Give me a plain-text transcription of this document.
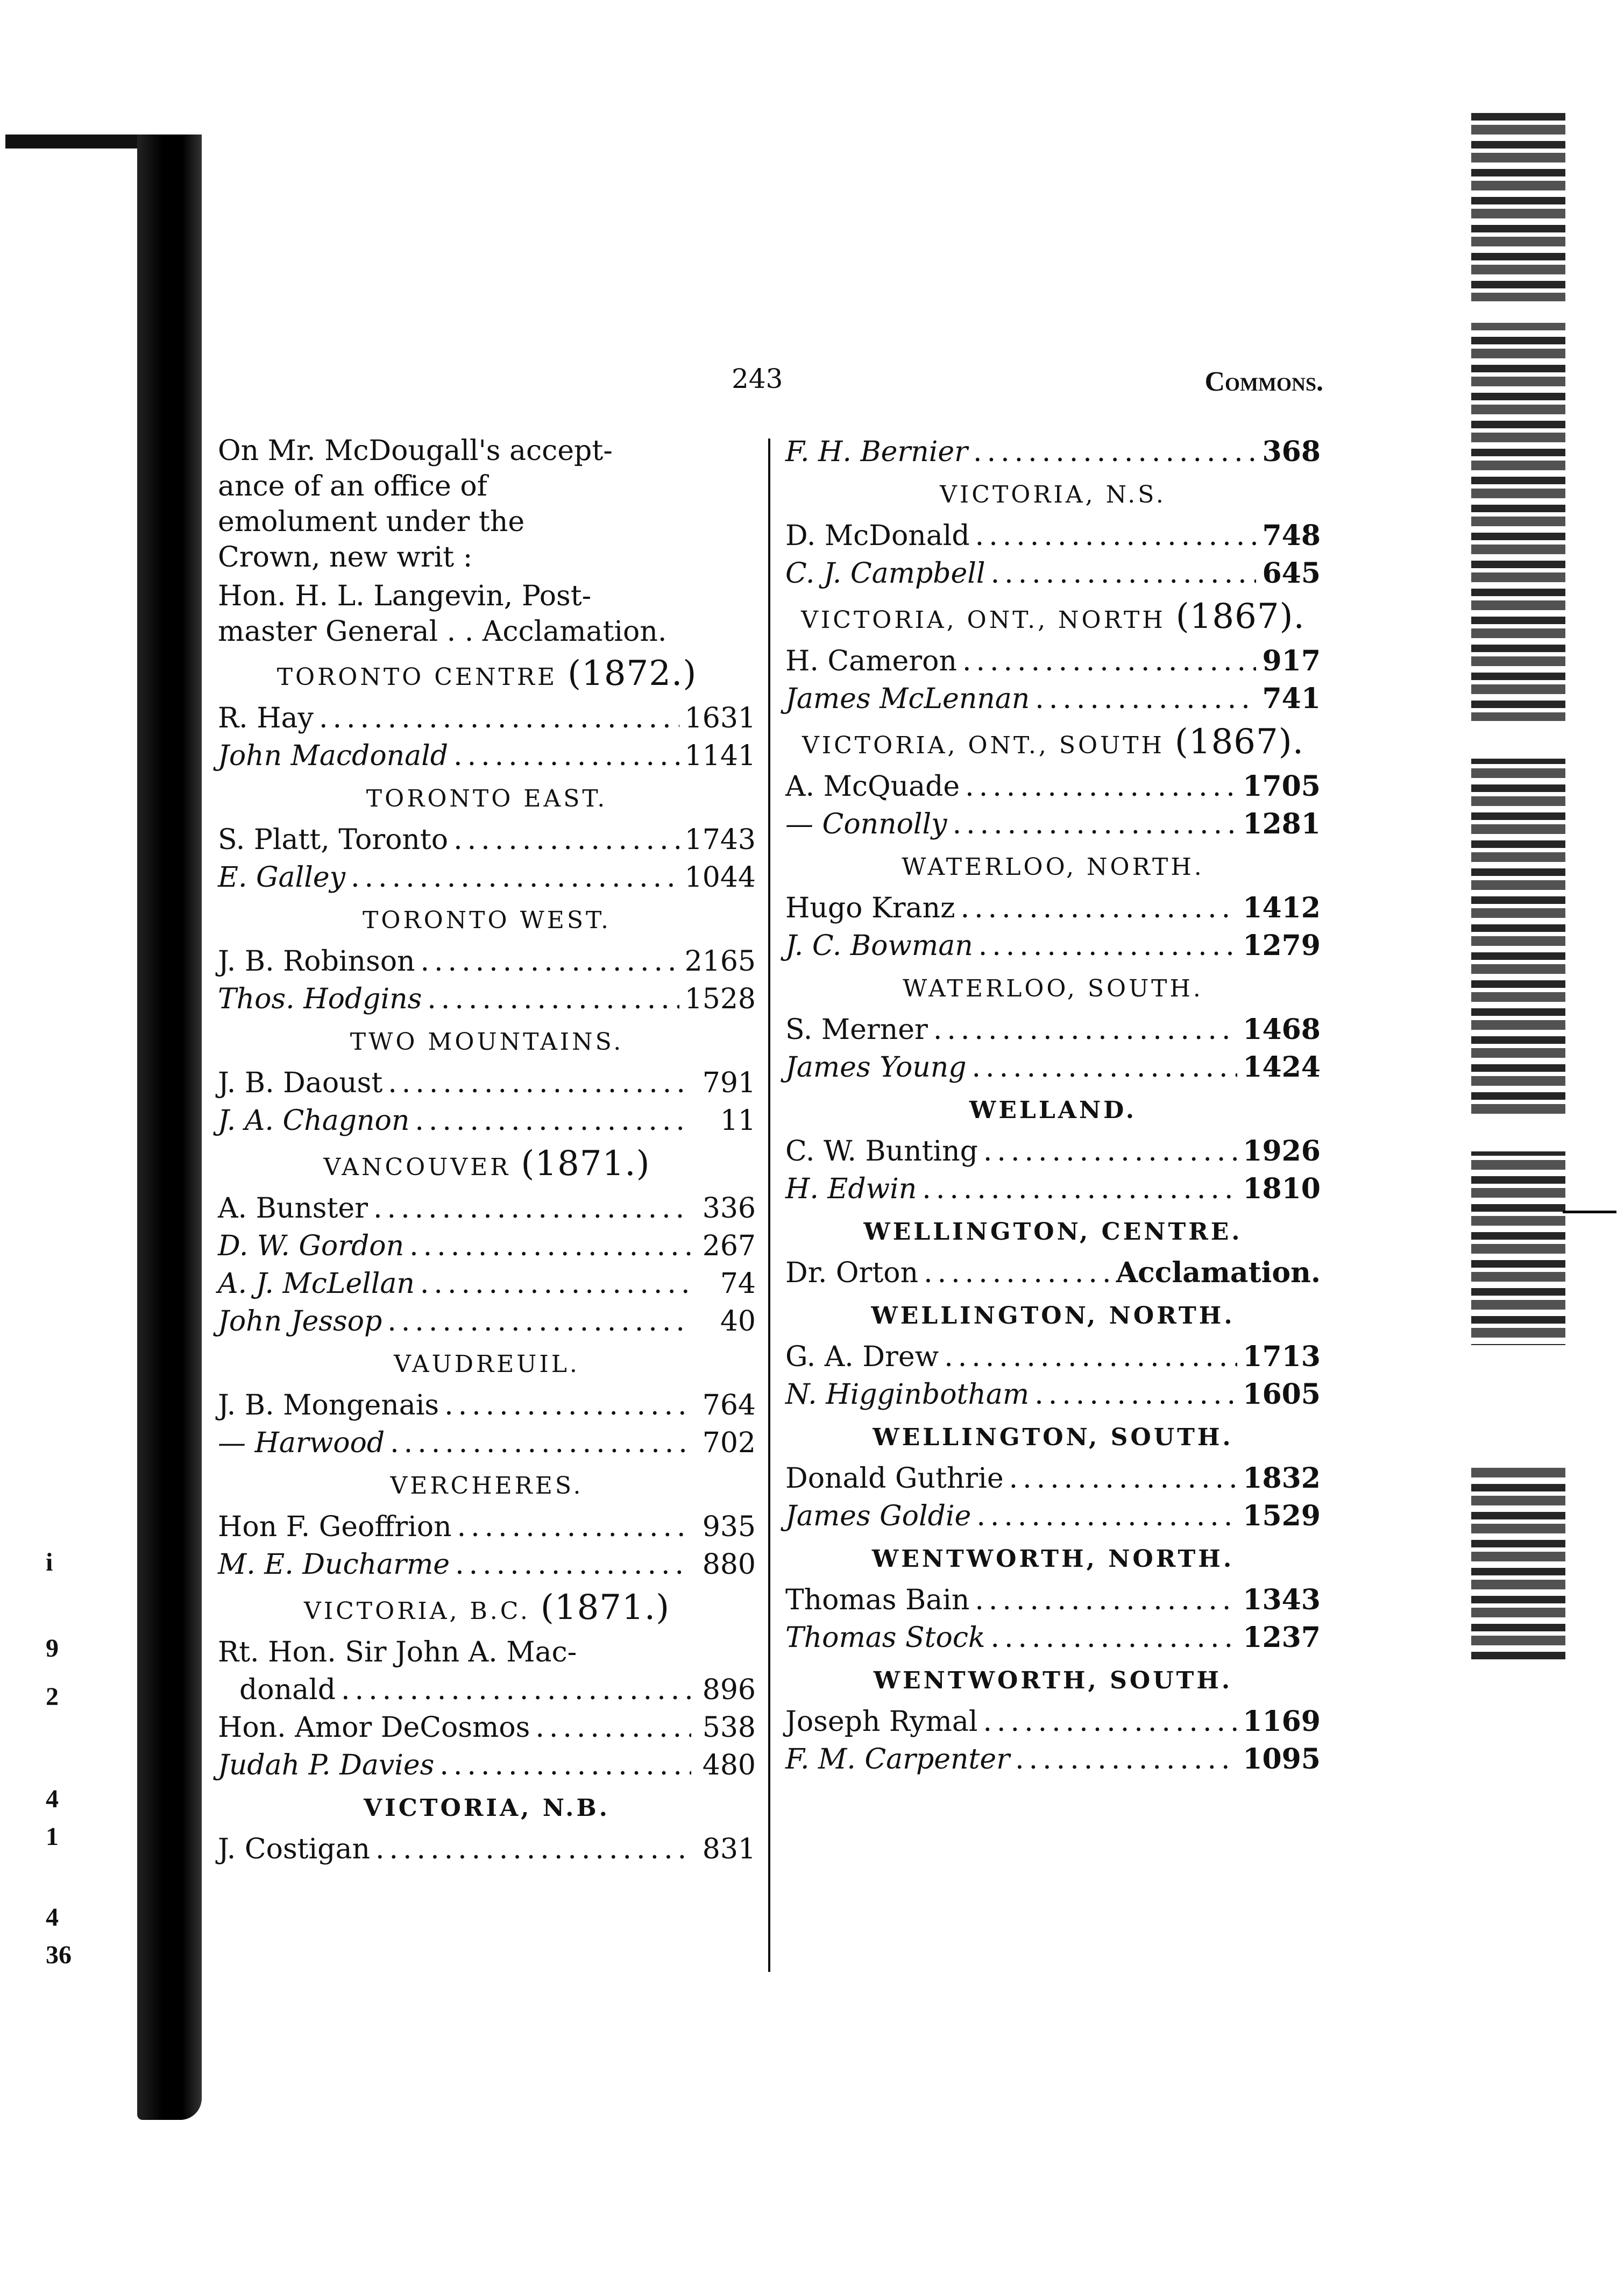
i
9
2
4
1
4
36
243	Commons.
On Mr. McDougall's accept-
ance of an office of
emolument under the
Crown, new writ :
Hon. H. L. Langevin, Post-
master General . . Acclamation.
TORONTO CENTRE (1872.)
R. Hay .....	1631
John Macdonald .....	1141
TORONTO EAST.
S. Platt, Toronto .....	1743
E. Galley .....	1044
TORONTO WEST.
J. B. Robinson .....	2165
Thos. Hodgins .....	1528
TWO MOUNTAINS.
J. B. Daoust .....	791
J. A. Chagnon .....	11
VANCOUVER (1871.)
A. Bunster .....	336
D. W. Gordon .....	267
A. J. McLellan .....	74
John Jessop .....	40
VAUDREUIL.
J. B. Mongenais .....	764
— Harwood .....	702
VERCHERES.
Hon F. Geoffrion .....	935
M. E. Ducharme .....	880
VICTORIA, B.C. (1871.)
Rt. Hon. Sir John A. Mac-
donald .....	896
Hon. Amor DeCosmos .....	538
Judah P. Davies .....	480
VICTORIA, N.B.
J. Costigan .....	831
F. H. Bernier .....	368
VICTORIA, N.S.
D. McDonald .....	748
C. J. Campbell .....	645
VICTORIA, ONT., NORTH (1867).
H. Cameron .....	917
James McLennan .....	741
VICTORIA, ONT., SOUTH (1867).
A. McQuade .....	1705
— Connolly .....	1281
WATERLOO, NORTH.
Hugo Kranz .....	1412
J. C. Bowman .....	1279
WATERLOO, SOUTH.
S. Merner .....	1468
James Young .....	1424
WELLAND.
C. W. Bunting .....	1926
H. Edwin .....	1810
WELLINGTON, CENTRE.
Dr. Orton .....	Acclamation.
WELLINGTON, NORTH.
G. A. Drew .....	1713
N. Higginbotham .....	1605
WELLINGTON, SOUTH.
Donald Guthrie .....	1832
James Goldie .....	1529
WENTWORTH, NORTH.
Thomas Bain .....	1343
Thomas Stock .....	1237
WENTWORTH, SOUTH.
Joseph Rymal .....	1169
F. M. Carpenter .....	1095
